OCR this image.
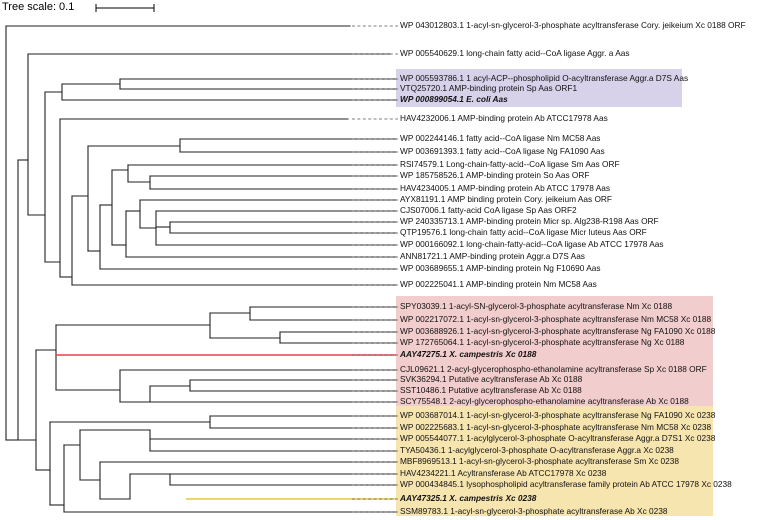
Tree scale: 0.1
WP 043012803.1 1-acyl-sn-glycerol-3-phosphate acyltransferase Cory. jeikeium Xc 0188 ORF
WP 005540629.1 long-chain fatty acid--CoA ligase Aggr. a Aas
WP 005593786.1 1 acyl-ACP--phospholipid O-acyltransferase Aggr.a D7S Aas
VTQ25720.1 AMP-binding protein Sp Aas ORF1
WP 000899054.1 E. coli Aas
HAV4232006.1 AMP-binding protein Ab ATCC17978 Aas
WP 002244146.1 fatty acid--CoA ligase Nm MC58 Aas
WP 003691393.1 fatty acid--CoA ligase Ng FA1090 Aas
RSI74579.1 Long-chain-fatty-acid--CoA ligase Sm Aas ORF
WP 185758526.1 AMP-binding protein So Aas ORF
HAV4234005.1 AMP-binding protein Ab ATCC 17978 Aas
AYX81191.1 AMP binding protein Cory. jeikeium Aas ORF
CJS07006.1 fatty-acid CoA ligase Sp Aas ORF2
WP 240335713.1 AMP-binding protein Micr sp. Alg238-R198 Aas ORF
QTP19576.1 long-chain fatty acid--CoA ligase Micr luteus Aas ORF
WP 000166092.1 long-chain-fatty-acid--CoA ligase Ab ATCC 17978 Aas
ANN81721.1 AMP-binding protein Aggr.a D7S Aas
WP 003689655.1 AMP-binding protein Ng F10690 Aas
WP 002225041.1 AMP-binding protein Nm MC58 Aas
SPY03039.1 1-acyl-SN-glycerol-3-phosphate acyltransferase Nm Xc 0188
WP 002217072.1 1-acyl-sn-glycerol-3-phosphate acyltransferase Nm MC58 Xc 0188
WP 003688926.1 1-acyl-sn-glycerol-3-phosphate acyltransferase Ng FA1090 Xc 0188
WP 172765064.1 1-acyl-sn-glycerol-3-phosphate acyltransferase Ng Xc 0188
AAY47275.1 X. campestris Xc 0188
CJL09621.1 2-acyl-glycerophospho-ethanolamine acyltransferase Sp Xc 0188 ORF
SVK36294.1 Putative acyltransferase Ab Xc 0188
SST10486.1 Putative acyltransferase Ab Xc 0188
SCY75548.1 2-acyl-glycerophospho-ethanolamine acyltransferase Ab Xc 0188
WP 003687014.1 1-acyl-sn-glycerol-3-phosphate acyltransferase Ng FA1090 Xc 0238
WP 002225683.1 1-acyl-sn-glycerol-3-phosphate acyltransferase Nm MC58 Xc 0238
WP 005544077.1 1-acylglycerol-3-phosphate O-acyltransferase Aggr.a D7S1 Xc 0238
TYA50436.1 1-acylglycerol-3-phosphate O-acyltransferase Aggr.a Xc 0238
MBF8969513.1 1-acyl-sn-glycerol-3-phosphate acyltransferase Sm Xc 0238
HAV4234221.1 Acyltransferase Ab ATCC17978 Xc 0238
WP 000434845.1 lysophospholipid acyltransferase family protein Ab ATCC 17978 Xc 0238
AAY47325.1 X. campestris Xc 0238
SSM89783.1 1-acyl-sn-glycerol-3-phosphate acyltransferase Ab Xc 0238
